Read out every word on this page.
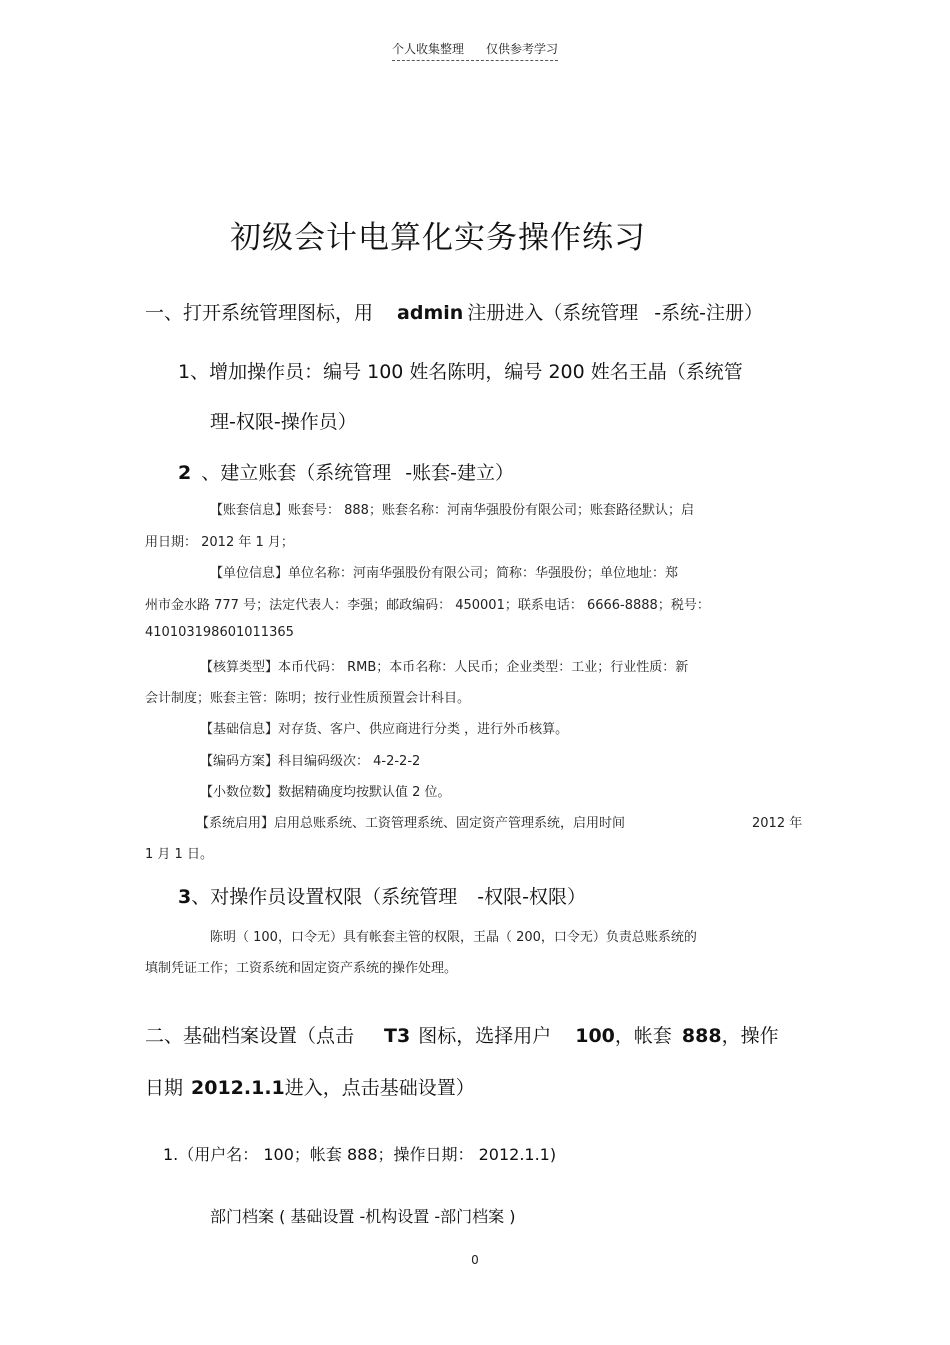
个人收集整理 仅供参考学习
初级会计电算化实务操作练习
一、打开系统管理图标，用 admin 注册进入（系统管理 -系统-注册）
1、增加操作员：编号 100 姓名陈明，编号 200 姓名王晶（系统管
理-权限-操作员）
2 、建立账套（系统管理 -账套-建立）
【账套信息】账套号： 888；账套名称：河南华强股份有限公司；账套路径默认；启
用日期： 2012 年 1 月；
【单位信息】单位名称：河南华强股份有限公司；简称：华强股份；单位地址：郑
州市金水路 777 号；法定代表人：李强；邮政编码： 450001；联系电话： 6666-8888；税号：
410103198601011365
【核算类型】本币代码： RMB；本币名称：人民币；企业类型：工业；行业性质：新
会计制度；账套主管：陈明；按行业性质预置会计科目。
【基础信息】对存货、客户、供应商进行分类 ，进行外币核算。
【编码方案】科目编码级次： 4-2-2-2
【小数位数】数据精确度均按默认值 2 位。
【系统启用】启用总账系统、工资管理系统、固定资产管理系统，启用时间	2012 年
1 月 1 日。
3、对操作员设置权限（系统管理 -权限-权限）
陈明（ 100，口令无）具有帐套主管的权限，王晶（ 200，口令无）负责总账系统的
填制凭证工作；工资系统和固定资产系统的操作处理。
二、基础档案设置（点击 T3 图标，选择用户 100，帐套 888，操作
日期 2012.1.1进入，点击基础设置）
1.（用户名： 100；帐套 888；操作日期： 2012.1.1)
部门档案 ( 基础设置 -机构设置 -部门档案 )
0
